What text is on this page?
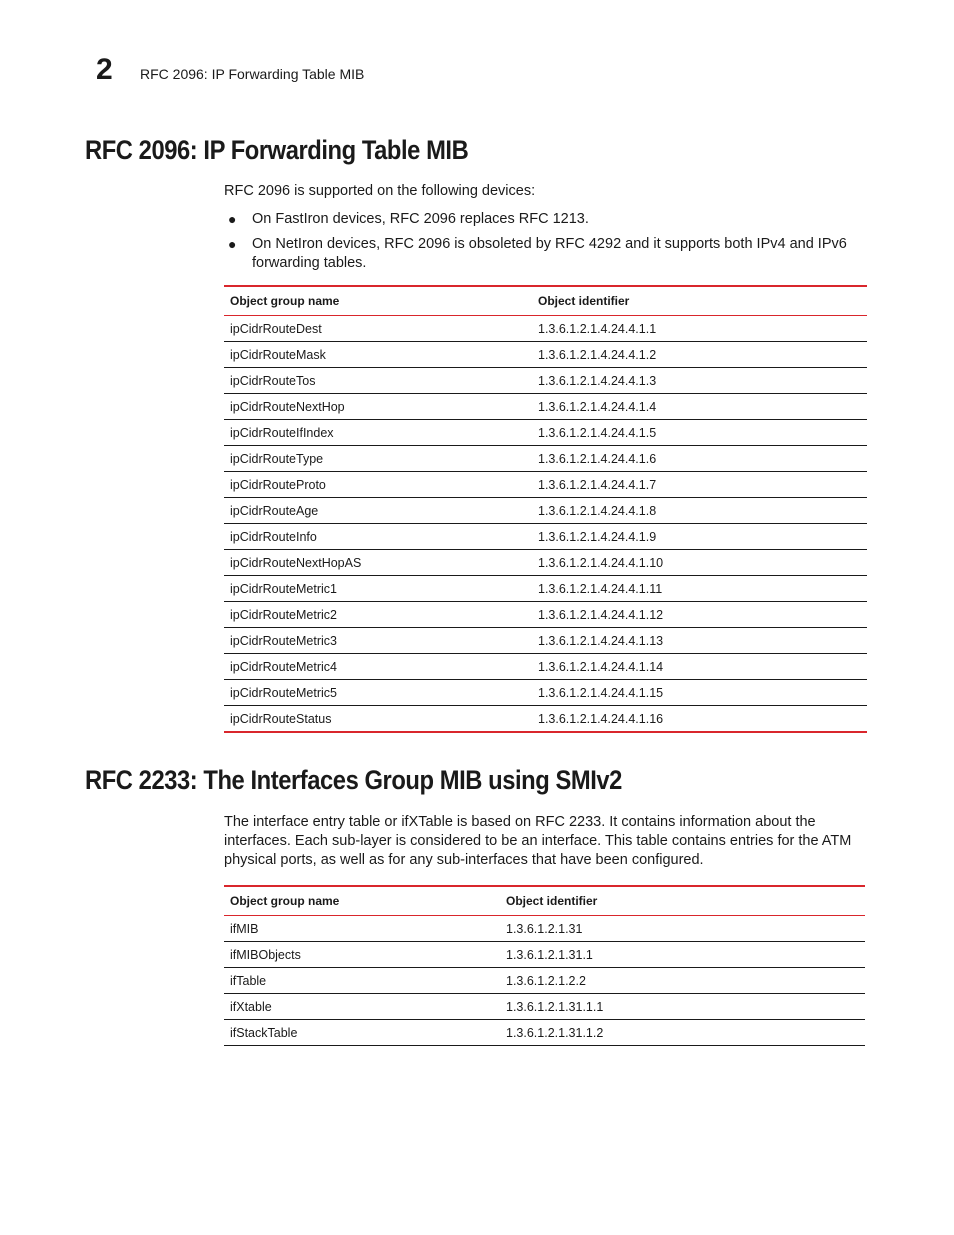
2 RFC 2096: IP Forwarding Table MIB
RFC 2096: IP Forwarding Table MIB
RFC 2096 is supported on the following devices:
● On FastIron devices, RFC 2096 replaces RFC 1213.
● On NetIron devices, RFC 2096 is obsoleted by RFC 4292 and it supports both IPv4 and IPv6 forwarding tables.
Object group name	Object identifier
ipCidrRouteDest	1.3.6.1.2.1.4.24.4.1.1
ipCidrRouteMask	1.3.6.1.2.1.4.24.4.1.2
ipCidrRouteTos	1.3.6.1.2.1.4.24.4.1.3
ipCidrRouteNextHop	1.3.6.1.2.1.4.24.4.1.4
ipCidrRouteIfIndex	1.3.6.1.2.1.4.24.4.1.5
ipCidrRouteType	1.3.6.1.2.1.4.24.4.1.6
ipCidrRouteProto	1.3.6.1.2.1.4.24.4.1.7
ipCidrRouteAge	1.3.6.1.2.1.4.24.4.1.8
ipCidrRouteInfo	1.3.6.1.2.1.4.24.4.1.9
ipCidrRouteNextHopAS	1.3.6.1.2.1.4.24.4.1.10
ipCidrRouteMetric1	1.3.6.1.2.1.4.24.4.1.11
ipCidrRouteMetric2	1.3.6.1.2.1.4.24.4.1.12
ipCidrRouteMetric3	1.3.6.1.2.1.4.24.4.1.13
ipCidrRouteMetric4	1.3.6.1.2.1.4.24.4.1.14
ipCidrRouteMetric5	1.3.6.1.2.1.4.24.4.1.15
ipCidrRouteStatus	1.3.6.1.2.1.4.24.4.1.16
RFC 2233: The Interfaces Group MIB using SMIv2
The interface entry table or ifXTable is based on RFC 2233. It contains information about the interfaces. Each sub-layer is considered to be an interface. This table contains entries for the ATM physical ports, as well as for any sub-interfaces that have been configured.
Object group name	Object identifier
ifMIB	1.3.6.1.2.1.31
ifMIBObjects	1.3.6.1.2.1.31.1
ifTable	1.3.6.1.2.1.2.2
ifXtable	1.3.6.1.2.1.31.1.1
ifStackTable	1.3.6.1.2.1.31.1.2
